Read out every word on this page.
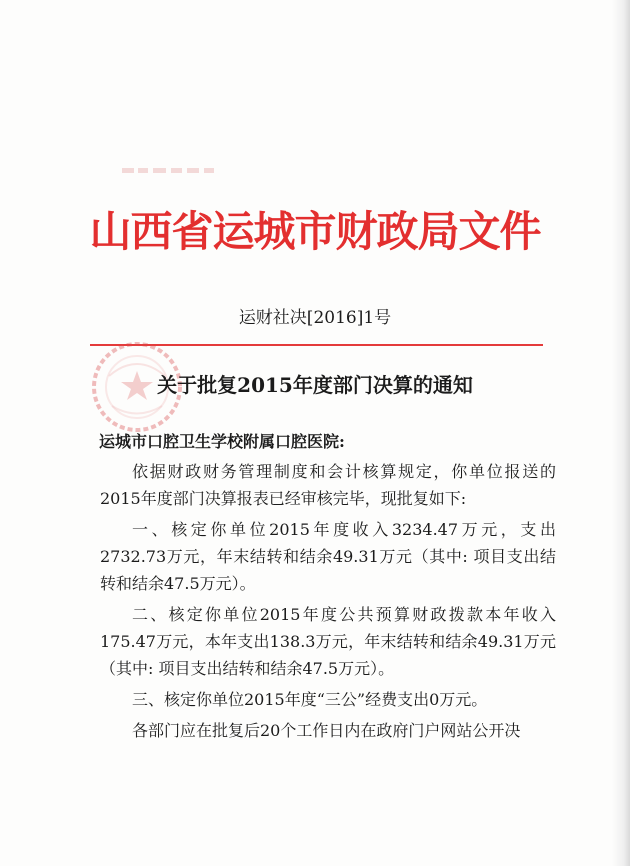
山西省运城市财政局文件
运财社决[2016]1号
关于批复2015年度部门决算的通知
运城市口腔卫生学校附属口腔医院:

依据财政财务管理制度和会计核算规定，你单位报送的2015年度部门决算报表已经审核完毕，现批复如下:

一、核定你单位2015年度收入3234.47万元，支出2732.73万元，年末结转和结余49.31万元（其中: 项目支出结转和结余47.5万元）。

二、核定你单位2015年度公共预算财政拨款本年收入175.47万元，本年支出138.3万元，年末结转和结余49.31万元（其中: 项目支出结转和结余47.5万元）。

三、核定你单位2015年度“三公”经费支出0万元。

各部门应在批复后20个工作日内在政府门户网站公开决
